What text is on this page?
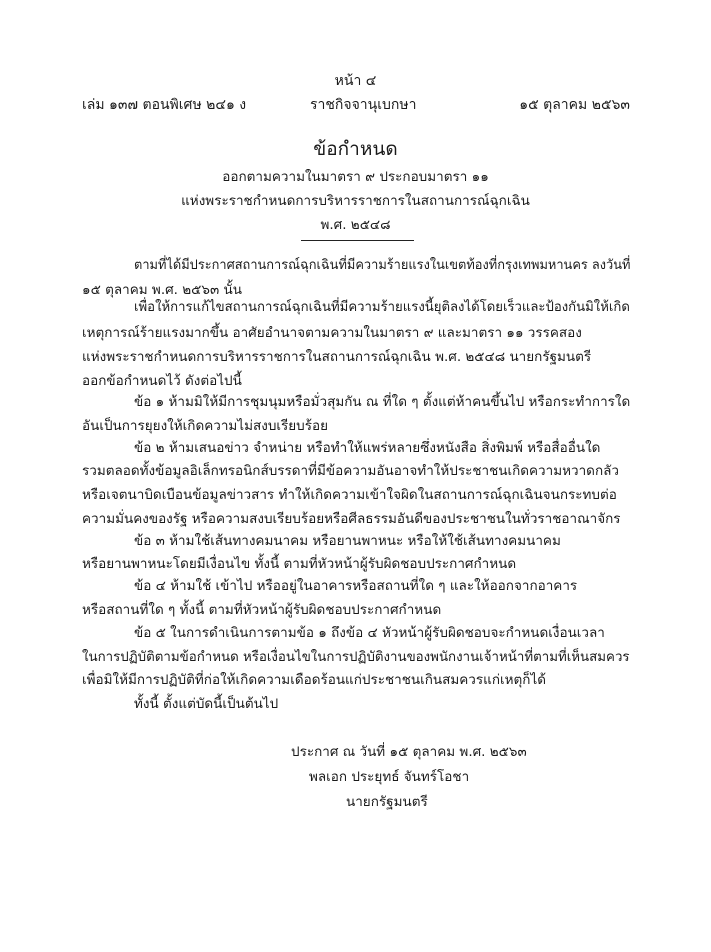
หน้า ๔
เล่ม ๑๓๗ ตอนพิเศษ ๒๔๑ ง	ราชกิจจานุเบกษา	๑๕ ตุลาคม ๒๕๖๓
ข้อกำหนด
ออกตามความในมาตรา ๙ ประกอบมาตรา ๑๑
แห่งพระราชกำหนดการบริหารราชการในสถานการณ์ฉุกเฉิน
พ.ศ. ๒๕๔๘
ตามที่ได้มีประกาศสถานการณ์ฉุกเฉินที่มีความร้ายแรงในเขตท้องที่กรุงเทพมหานคร ลงวันที่
๑๕ ตุลาคม พ.ศ. ๒๕๖๓ นั้น
เพื่อให้การแก้ไขสถานการณ์ฉุกเฉินที่มีความร้ายแรงนี้ยุติลงได้โดยเร็วและป้องกันมิให้เกิด
เหตุการณ์ร้ายแรงมากขึ้น อาศัยอำนาจตามความในมาตรา ๙ และมาตรา ๑๑ วรรคสอง
แห่งพระราชกำหนดการบริหารราชการในสถานการณ์ฉุกเฉิน พ.ศ. ๒๕๔๘ นายกรัฐมนตรี
ออกข้อกำหนดไว้ ดังต่อไปนี้
ข้อ ๑ ห้ามมิให้มีการชุมนุมหรือมั่วสุมกัน ณ ที่ใด ๆ ตั้งแต่ห้าคนขึ้นไป หรือกระทำการใด
อันเป็นการยุยงให้เกิดความไม่สงบเรียบร้อย
ข้อ ๒ ห้ามเสนอข่าว จำหน่าย หรือทำให้แพร่หลายซึ่งหนังสือ สิ่งพิมพ์ หรือสื่ออื่นใด
รวมตลอดทั้งข้อมูลอิเล็กทรอนิกส์บรรดาที่มีข้อความอันอาจทำให้ประชาชนเกิดความหวาดกลัว
หรือเจตนาบิดเบือนข้อมูลข่าวสาร ทำให้เกิดความเข้าใจผิดในสถานการณ์ฉุกเฉินจนกระทบต่อ
ความมั่นคงของรัฐ หรือความสงบเรียบร้อยหรือศีลธรรมอันดีของประชาชนในทั่วราชอาณาจักร
ข้อ ๓ ห้ามใช้เส้นทางคมนาคม หรือยานพาหนะ หรือให้ใช้เส้นทางคมนาคม
หรือยานพาหนะโดยมีเงื่อนไข ทั้งนี้ ตามที่หัวหน้าผู้รับผิดชอบประกาศกำหนด
ข้อ ๔ ห้ามใช้ เข้าไป หรืออยู่ในอาคารหรือสถานที่ใด ๆ และให้ออกจากอาคาร
หรือสถานที่ใด ๆ ทั้งนี้ ตามที่หัวหน้าผู้รับผิดชอบประกาศกำหนด
ข้อ ๕ ในการดำเนินการตามข้อ ๑ ถึงข้อ ๔ หัวหน้าผู้รับผิดชอบจะกำหนดเงื่อนเวลา
ในการปฏิบัติตามข้อกำหนด หรือเงื่อนไขในการปฏิบัติงานของพนักงานเจ้าหน้าที่ตามที่เห็นสมควร
เพื่อมิให้มีการปฏิบัติที่ก่อให้เกิดความเดือดร้อนแก่ประชาชนเกินสมควรแก่เหตุก็ได้
ทั้งนี้ ตั้งแต่บัดนี้เป็นต้นไป
ประกาศ ณ วันที่ ๑๕ ตุลาคม พ.ศ. ๒๕๖๓
พลเอก ประยุทธ์ จันทร์โอชา
นายกรัฐมนตรี
